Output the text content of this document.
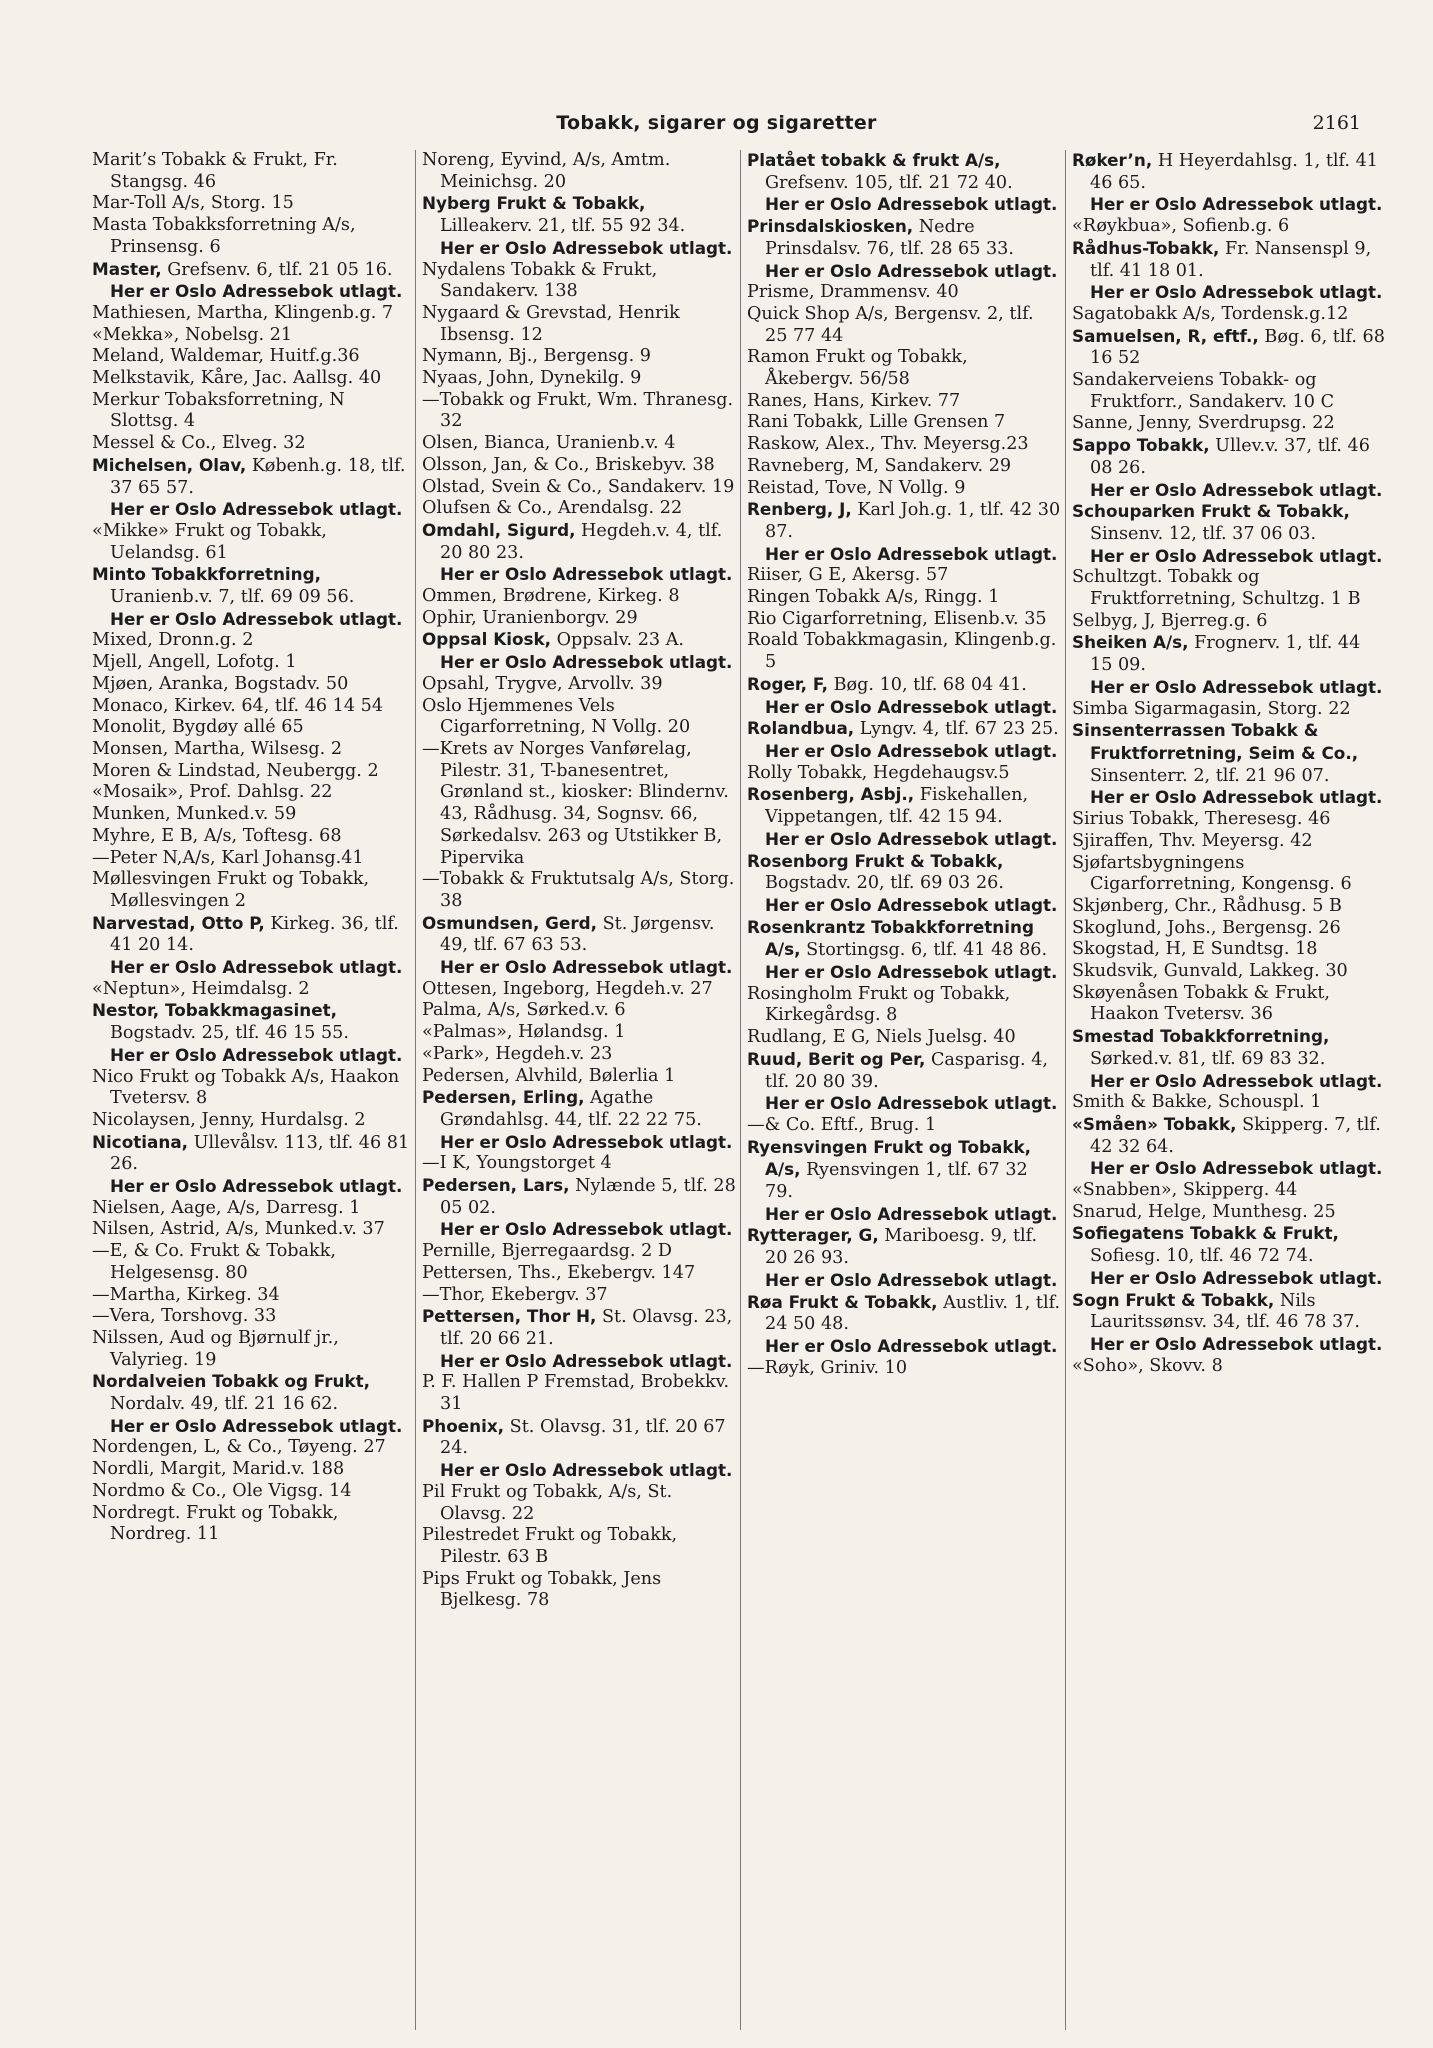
Tobakk, sigarer og sigaretter	2161
Marit’s Tobakk & Frukt, Fr. Stangsg. 46
Mar-Toll A/s, Storg. 15
Masta Tobakksforretning A/s, Prinsensg. 6
Master, Grefsenv. 6, tlf. 21 05 16.
Her er Oslo Adressebok utlagt.
Mathiesen, Martha, Klingenb.g. 7
«Mekka», Nobelsg. 21
Meland, Waldemar, Huitf.g.36
Melkstavik, Kåre, Jac. Aallsg. 40
Merkur Tobaksforretning, N Slottsg. 4
Messel & Co., Elveg. 32
Michelsen, Olav, Københ.g. 18, tlf. 37 65 57.
Her er Oslo Adressebok utlagt.
«Mikke» Frukt og Tobakk, Uelandsg. 61
Minto Tobakkforretning, Uranienb.v. 7, tlf. 69 09 56.
Her er Oslo Adressebok utlagt.
Mixed, Dronn.g. 2
Mjell, Angell, Lofotg. 1
Mjøen, Aranka, Bogstadv. 50
Monaco, Kirkev. 64, tlf. 46 14 54
Monolit, Bygdøy allé 65
Monsen, Martha, Wilsesg. 2
Moren & Lindstad, Neubergg. 2
«Mosaik», Prof. Dahlsg. 22
Munken, Munked.v. 59
Myhre, E B, A/s, Toftesg. 68
—Peter N,A/s, Karl Johansg.41
Møllesvingen Frukt og Tobakk, Møllesvingen 2
Narvestad, Otto P, Kirkeg. 36, tlf. 41 20 14.
Her er Oslo Adressebok utlagt.
«Neptun», Heimdalsg. 2
Nestor, Tobakkmagasinet, Bogstadv. 25, tlf. 46 15 55.
Her er Oslo Adressebok utlagt.
Nico Frukt og Tobakk A/s, Haakon Tvetersv. 8
Nicolaysen, Jenny, Hurdalsg. 2
Nicotiana, Ullevålsv. 113, tlf. 46 81 26.
Her er Oslo Adressebok utlagt.
Nielsen, Aage, A/s, Darresg. 1
Nilsen, Astrid, A/s, Munked.v. 37
—E, & Co. Frukt & Tobakk, Helgesensg. 80
—Martha, Kirkeg. 34
—Vera, Torshovg. 33
Nilssen, Aud og Bjørnulf jr., Valyrieg. 19
Nordalveien Tobakk og Frukt, Nordalv. 49, tlf. 21 16 62.
Her er Oslo Adressebok utlagt.
Nordengen, L, & Co., Tøyeng. 27
Nordli, Margit, Marid.v. 188
Nordmo & Co., Ole Vigsg. 14
Nordregt. Frukt og Tobakk, Nordreg. 11
Noreng, Eyvind, A/s, Amtm. Meinichsg. 20
Nyberg Frukt & Tobakk, Lilleakerv. 21, tlf. 55 92 34.
Her er Oslo Adressebok utlagt.
Nydalens Tobakk & Frukt, Sandakerv. 138
Nygaard & Grevstad, Henrik Ibsensg. 12
Nymann, Bj., Bergensg. 9
Nyaas, John, Dynekilg. 9
—Tobakk og Frukt, Wm. Thranesg. 32
Olsen, Bianca, Uranienb.v. 4
Olsson, Jan, & Co., Briskebyv. 38
Olstad, Svein & Co., Sandakerv. 19
Olufsen & Co., Arendalsg. 22
Omdahl, Sigurd, Hegdeh.v. 4, tlf. 20 80 23.
Her er Oslo Adressebok utlagt.
Ommen, Brødrene, Kirkeg. 8
Ophir, Uranienborgv. 29
Oppsal Kiosk, Oppsalv. 23 A.
Her er Oslo Adressebok utlagt.
Opsahl, Trygve, Arvollv. 39
Oslo Hjemmenes Vels Cigarforretning, N Vollg. 20
—Krets av Norges Vanførelag, Pilestr. 31, T-banesentret, Grønland st., kiosker: Blindernv. 43, Rådhusg. 34, Sognsv. 66, Sørkedalsv. 263 og Utstikker B, Pipervika
—Tobakk & Fruktutsalg A/s, Storg. 38
Osmundsen, Gerd, St. Jørgensv. 49, tlf. 67 63 53.
Her er Oslo Adressebok utlagt.
Ottesen, Ingeborg, Hegdeh.v. 27
Palma, A/s, Sørked.v. 6
«Palmas», Hølandsg. 1
«Park», Hegdeh.v. 23
Pedersen, Alvhild, Bølerlia 1
Pedersen, Erling, Agathe Grøndahlsg. 44, tlf. 22 22 75.
Her er Oslo Adressebok utlagt.
—I K, Youngstorget 4
Pedersen, Lars, Nylænde 5, tlf. 28 05 02.
Her er Oslo Adressebok utlagt.
Pernille, Bjerregaardsg. 2 D
Pettersen, Ths., Ekebergv. 147
—Thor, Ekebergv. 37
Pettersen, Thor H, St. Olavsg. 23, tlf. 20 66 21.
Her er Oslo Adressebok utlagt.
P. F. Hallen P Fremstad, Brobekkv. 31
Phoenix, St. Olavsg. 31, tlf. 20 67 24.
Her er Oslo Adressebok utlagt.
Pil Frukt og Tobakk, A/s, St. Olavsg. 22
Pilestredet Frukt og Tobakk, Pilestr. 63 B
Pips Frukt og Tobakk, Jens Bjelkesg. 78
Platået tobakk & frukt A/s, Grefsenv. 105, tlf. 21 72 40.
Her er Oslo Adressebok utlagt.
Prinsdalskiosken, Nedre Prinsdalsv. 76, tlf. 28 65 33.
Her er Oslo Adressebok utlagt.
Prisme, Drammensv. 40
Quick Shop A/s, Bergensv. 2, tlf. 25 77 44
Ramon Frukt og Tobakk, Åkebergv. 56/58
Ranes, Hans, Kirkev. 77
Rani Tobakk, Lille Grensen 7
Raskow, Alex., Thv. Meyersg.23
Ravneberg, M, Sandakerv. 29
Reistad, Tove, N Vollg. 9
Renberg, J, Karl Joh.g. 1, tlf. 42 30 87.
Her er Oslo Adressebok utlagt.
Riiser, G E, Akersg. 57
Ringen Tobakk A/s, Ringg. 1
Rio Cigarforretning, Elisenb.v. 35
Roald Tobakkmagasin, Klingenb.g. 5
Roger, F, Bøg. 10, tlf. 68 04 41.
Her er Oslo Adressebok utlagt.
Rolandbua, Lyngv. 4, tlf. 67 23 25.
Her er Oslo Adressebok utlagt.
Rolly Tobakk, Hegdehaugsv.5
Rosenberg, Asbj., Fiskehallen, Vippetangen, tlf. 42 15 94.
Her er Oslo Adressebok utlagt.
Rosenborg Frukt & Tobakk, Bogstadv. 20, tlf. 69 03 26.
Her er Oslo Adressebok utlagt.
Rosenkrantz Tobakkforretning A/s, Stortingsg. 6, tlf. 41 48 86.
Her er Oslo Adressebok utlagt.
Rosingholm Frukt og Tobakk, Kirkegårdsg. 8
Rudlang, E G, Niels Juelsg. 40
Ruud, Berit og Per, Casparisg. 4, tlf. 20 80 39.
Her er Oslo Adressebok utlagt.
—& Co. Eftf., Brug. 1
Ryensvingen Frukt og Tobakk, A/s, Ryensvingen 1, tlf. 67 32 79.
Her er Oslo Adressebok utlagt.
Rytterager, G, Mariboesg. 9, tlf. 20 26 93.
Her er Oslo Adressebok utlagt.
Røa Frukt & Tobakk, Austliv. 1, tlf. 24 50 48.
Her er Oslo Adressebok utlagt.
—Røyk, Griniv. 10
Røker’n, H Heyerdahlsg. 1, tlf. 41 46 65.
Her er Oslo Adressebok utlagt.
«Røykbua», Sofienb.g. 6
Rådhus-Tobakk, Fr. Nansenspl 9, tlf. 41 18 01.
Her er Oslo Adressebok utlagt.
Sagatobakk A/s, Tordensk.g.12
Samuelsen, R, eftf., Bøg. 6, tlf. 68 16 52
Sandakerveiens Tobakk- og Fruktforr., Sandakerv. 10 C
Sanne, Jenny, Sverdrupsg. 22
Sappo Tobakk, Ullev.v. 37, tlf. 46 08 26.
Her er Oslo Adressebok utlagt.
Schouparken Frukt & Tobakk, Sinsenv. 12, tlf. 37 06 03.
Her er Oslo Adressebok utlagt.
Schultzgt. Tobakk og Fruktforretning, Schultzg. 1 B
Selbyg, J, Bjerreg.g. 6
Sheiken A/s, Frognerv. 1, tlf. 44 15 09.
Her er Oslo Adressebok utlagt.
Simba Sigarmagasin, Storg. 22
Sinsenterrassen Tobakk & Fruktforretning, Seim & Co., Sinsenterr. 2, tlf. 21 96 07.
Her er Oslo Adressebok utlagt.
Sirius Tobakk, Theresesg. 46
Sjiraffen, Thv. Meyersg. 42
Sjøfartsbygningens Cigarforretning, Kongensg. 6
Skjønberg, Chr., Rådhusg. 5 B
Skoglund, Johs., Bergensg. 26
Skogstad, H, E Sundtsg. 18
Skudsvik, Gunvald, Lakkeg. 30
Skøyenåsen Tobakk & Frukt, Haakon Tvetersv. 36
Smestad Tobakkforretning, Sørked.v. 81, tlf. 69 83 32.
Her er Oslo Adressebok utlagt.
Smith & Bakke, Schouspl. 1
«Småen» Tobakk, Skipperg. 7, tlf. 42 32 64.
Her er Oslo Adressebok utlagt.
«Snabben», Skipperg. 44
Snarud, Helge, Munthesg. 25
Sofiegatens Tobakk & Frukt, Sofiesg. 10, tlf. 46 72 74.
Her er Oslo Adressebok utlagt.
Sogn Frukt & Tobakk, Nils Lauritssønsv. 34, tlf. 46 78 37.
Her er Oslo Adressebok utlagt.
«Soho», Skovv. 8
